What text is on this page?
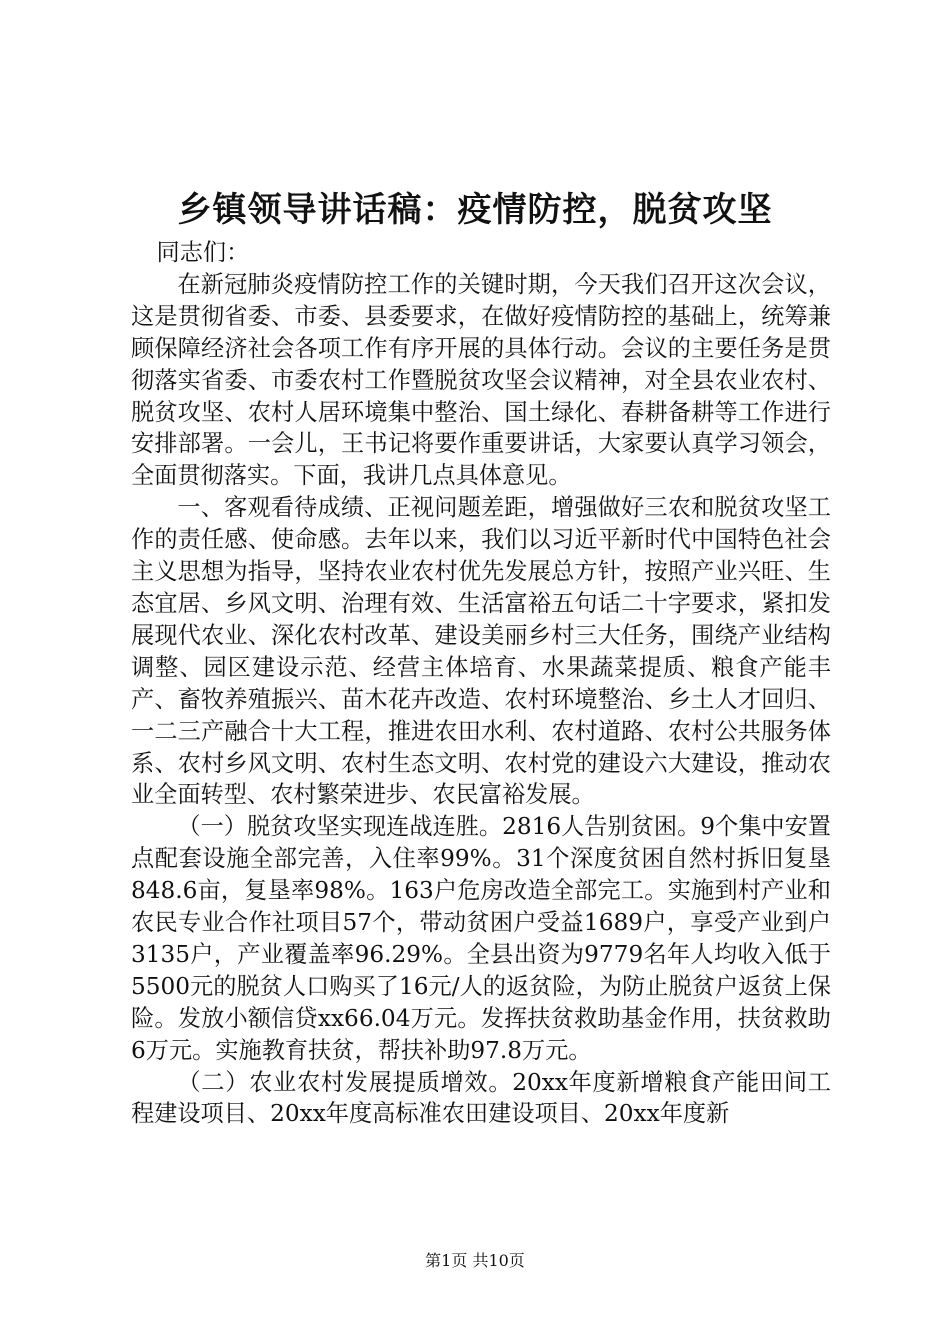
乡镇领导讲话稿：疫情防控，脱贫攻坚

同志们：

在新冠肺炎疫情防控工作的关键时期，今天我们召开这次会议，这是贯彻省委、市委、县委要求，在做好疫情防控的基础上，统筹兼顾保障经济社会各项工作有序开展的具体行动。会议的主要任务是贯彻落实省委、市委农村工作暨脱贫攻坚会议精神，对全县农业农村、脱贫攻坚、农村人居环境集中整治、国土绿化、春耕备耕等工作进行安排部署。一会儿，王书记将要作重要讲话，大家要认真学习领会，全面贯彻落实。下面，我讲几点具体意见。

一、客观看待成绩、正视问题差距，增强做好三农和脱贫攻坚工作的责任感、使命感。去年以来，我们以习近平新时代中国特色社会主义思想为指导，坚持农业农村优先发展总方针，按照产业兴旺、生态宜居、乡风文明、治理有效、生活富裕五句话二十字要求，紧扣发展现代农业、深化农村改革、建设美丽乡村三大任务，围绕产业结构调整、园区建设示范、经营主体培育、水果蔬菜提质、粮食产能丰产、畜牧养殖振兴、苗木花卉改造、农村环境整治、乡土人才回归、一二三产融合十大工程，推进农田水利、农村道路、农村公共服务体系、农村乡风文明、农村生态文明、农村党的建设六大建设，推动农业全面转型、农村繁荣进步、农民富裕发展。

（一）脱贫攻坚实现连战连胜。2816人告别贫困。9个集中安置点配套设施全部完善，入住率99%。31个深度贫困自然村拆旧复垦848.6亩，复垦率98%。163户危房改造全部完工。实施到村产业和农民专业合作社项目57个，带动贫困户受益1689户，享受产业到户3135户，产业覆盖率96.29%。全县出资为9779名年人均收入低于5500元的脱贫人口购买了16元/人的返贫险，为防止脱贫户返贫上保险。发放小额信贷xx66.04万元。发挥扶贫救助基金作用，扶贫救助6万元。实施教育扶贫，帮扶补助97.8万元。

（二）农业农村发展提质增效。20xx年度新增粮食产能田间工程建设项目、20xx年度高标准农田建设项目、20xx年度新

第1页 共10页
